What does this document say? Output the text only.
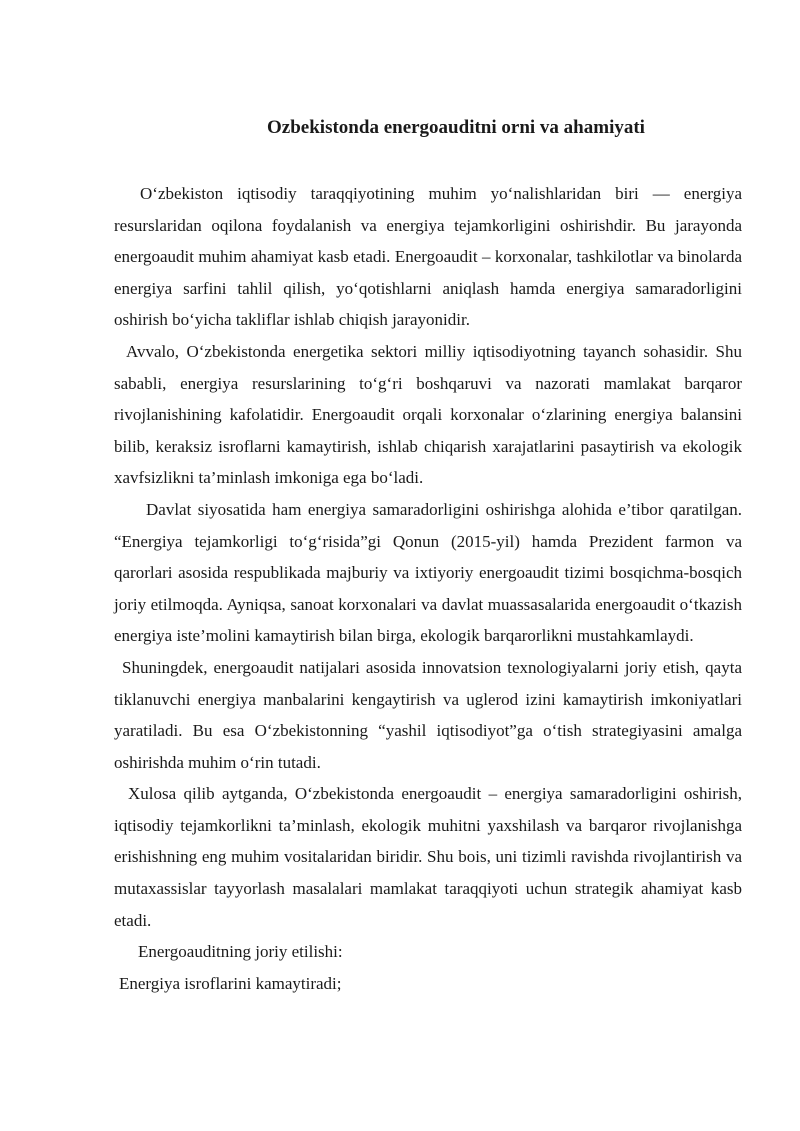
Ozbekistonda energoauditni orni va ahamiyati

O‘zbekiston iqtisodiy taraqqiyotining muhim yo‘nalishlaridan biri — energiya resurslaridan oqilona foydalanish va energiya tejamkorligini oshirishdir. Bu jarayonda energoaudit muhim ahamiyat kasb etadi. Energoaudit – korxonalar, tashkilotlar va binolarda energiya sarfini tahlil qilish, yo‘qotishlarni aniqlash hamda energiya samaradorligini oshirish bo‘yicha takliflar ishlab chiqish jarayonidir.

Avvalo, O‘zbekistonda energetika sektori milliy iqtisodiyotning tayanch sohasidir. Shu sababli, energiya resurslarining to‘g‘ri boshqaruvi va nazorati mamlakat barqaror rivojlanishining kafolatidir. Energoaudit orqali korxonalar o‘zlarining energiya balansini bilib, keraksiz isroflarni kamaytirish, ishlab chiqarish xarajatlarini pasaytirish va ekologik xavfsizlikni ta’minlash imkoniga ega bo‘ladi.

Davlat siyosatida ham energiya samaradorligini oshirishga alohida e’tibor qaratilgan. “Energiya tejamkorligi to‘g‘risida”gi Qonun (2015-yil) hamda Prezident farmon va qarorlari asosida respublikada majburiy va ixtiyoriy energoaudit tizimi bosqichma-bosqich joriy etilmoqda. Ayniqsa, sanoat korxonalari va davlat muassasalarida energoaudit o‘tkazish energiya iste’molini kamaytirish bilan birga, ekologik barqarorlikni mustahkamlaydi.

Shuningdek, energoaudit natijalari asosida innovatsion texnologiyalarni joriy etish, qayta tiklanuvchi energiya manbalarini kengaytirish va uglerod izini kamaytirish imkoniyatlari yaratiladi. Bu esa O‘zbekistonning “yashil iqtisodiyot”ga o‘tish strategiyasini amalga oshirishda muhim o‘rin tutadi.

Xulosa qilib aytganda, O‘zbekistonda energoaudit – energiya samaradorligini oshirish, iqtisodiy tejamkorlikni ta’minlash, ekologik muhitni yaxshilash va barqaror rivojlanishga erishishning eng muhim vositalaridan biridir. Shu bois, uni tizimli ravishda rivojlantirish va mutaxassislar tayyorlash masalalari mamlakat taraqqiyoti uchun strategik ahamiyat kasb etadi.

Energoauditning joriy etilishi:

Energiya isroflarini kamaytiradi;
